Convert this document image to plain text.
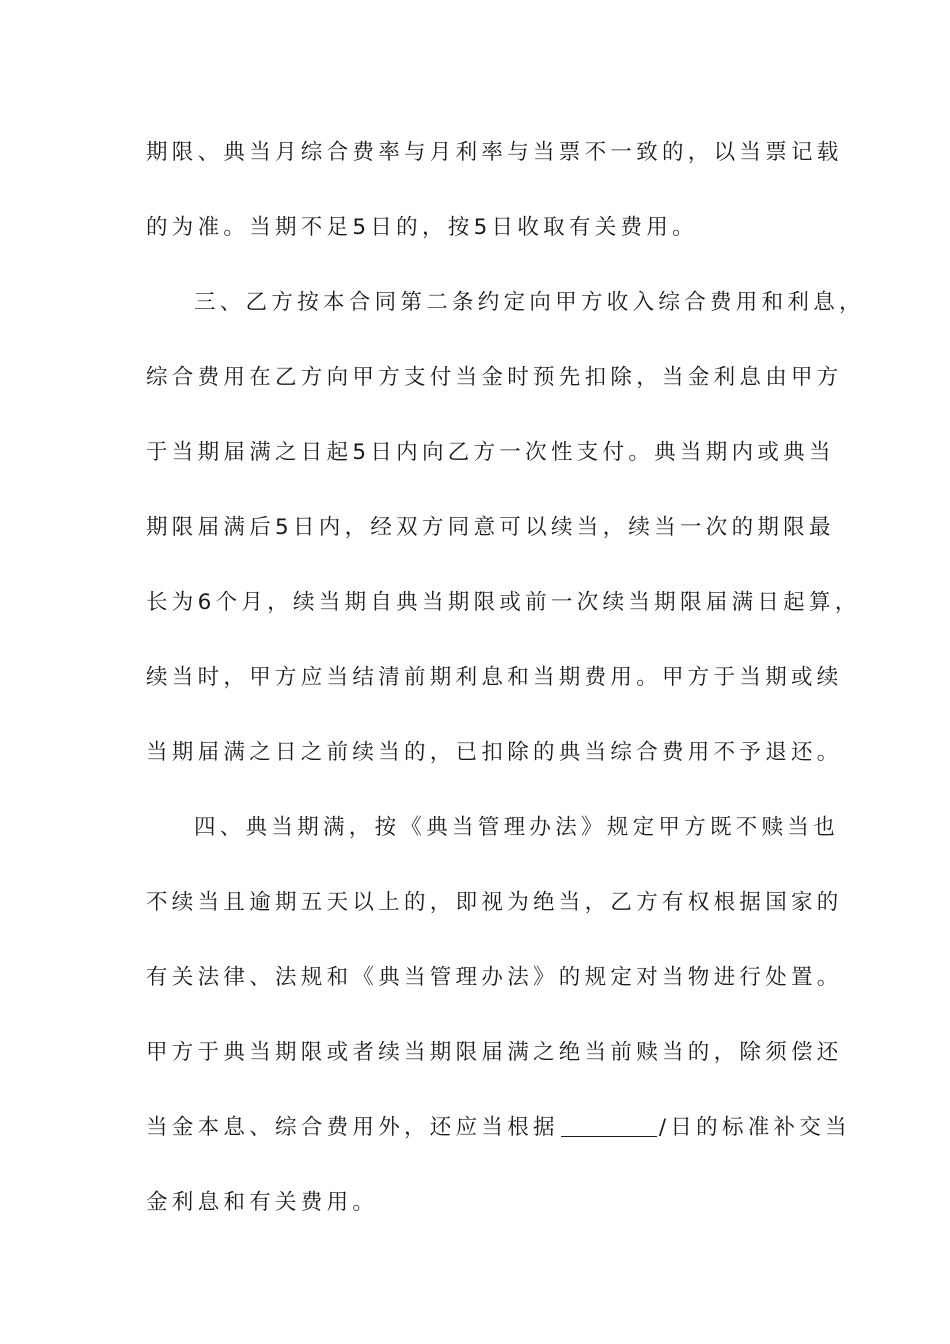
期限、典当月综合费率与月利率与当票不一致的，以当票记载
的为准。当期不足5日的，按5日收取有关费用。
三、乙方按本合同第二条约定向甲方收入综合费用和利息，
综合费用在乙方向甲方支付当金时预先扣除，当金利息由甲方
于当期届满之日起5日内向乙方一次性支付。典当期内或典当
期限届满后5日内，经双方同意可以续当，续当一次的期限最
长为6个月，续当期自典当期限或前一次续当期限届满日起算，
续当时，甲方应当结清前期利息和当期费用。甲方于当期或续
当期届满之日之前续当的，已扣除的典当综合费用不予退还。
四、典当期满，按《典当管理办法》规定甲方既不赎当也
不续当且逾期五天以上的，即视为绝当，乙方有权根据国家的
有关法律、法规和《典当管理办法》的规定对当物进行处置。
甲方于典当期限或者续当期限届满之绝当前赎当的，除须偿还
当金本息、综合费用外，还应当根据	/日的标准补交当
金利息和有关费用。
